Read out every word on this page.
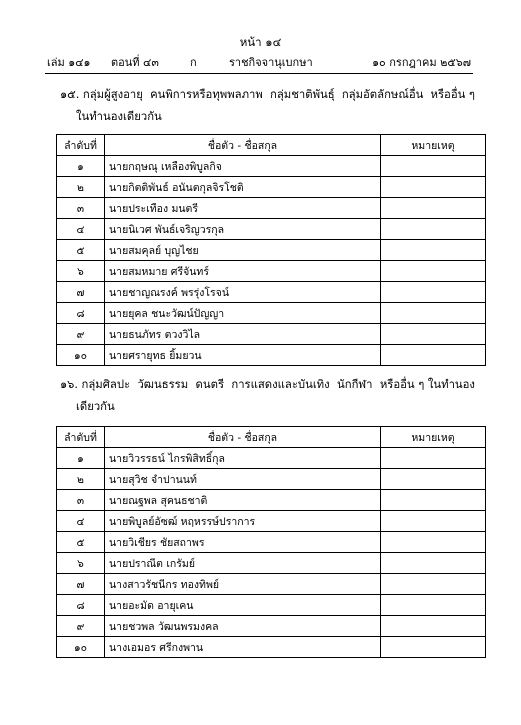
หน้า ๑๔
เล่ม ๑๔๑ ตอนที่ ๔๓	ก	ราชกิจจานุเบกษา	๑๐ กรกฎาคม ๒๕๖๗
๑๕. กลุ่มผู้สูงอายุ คนพิการหรือทุพพลภาพ กลุ่มชาติพันธุ์ กลุ่มอัตลักษณ์อื่น หรืออื่น ๆ
ในทำนองเดียวกัน
ลำดับที่	ชื่อตัว - ชื่อสกุล	หมายเหตุ
๑	นายกฤษณุ เหลืองพิบูลกิจ	
๒	นายกิตติพันธ์ อนันตกุลจิรโชติ	
๓	นายประเทือง มนตรี	
๔	นายนิเวศ พันธ์เจริญวรกุล	
๕	นายสมคุลย์ บุญไชย	
๖	นายสมหมาย ศรีจันทร์	
๗	นายชาญณรงค์ พรรุ่งโรจน์	
๘	นายยุคล ชนะวัฒน์ปัญญา	
๙	นายธนภัทร ตวงวิไล	
๑๐	นายศรายุทธ ยิ้มยวน	
๑๖. กลุ่มศิลปะ วัฒนธรรม ดนตรี การแสดงและบันเทิง นักกีฬา หรืออื่น ๆ ในทำนอง
เดียวกัน
ลำดับที่	ชื่อตัว - ชื่อสกุล	หมายเหตุ
๑	นายวิวรรธน์ ไกรพิสิทธิ์กุล	
๒	นายสุวิช จำปานนท์	
๓	นายณฐพล สุคนธชาติ	
๔	นายพิบูลย์อัซฒ์ หฤหรรษ์ปราการ	
๕	นายวิเชียร ชัยสถาพร	
๖	นายปราณีต เกรัมย์	
๗	นางสาวรัชนีกร ทองทิพย์	
๘	นายอะมัด อายุเคน	
๙	นายชวพล วัฒนพรมงคล	
๑๐	นางเอมอร ศรีกงพาน	
